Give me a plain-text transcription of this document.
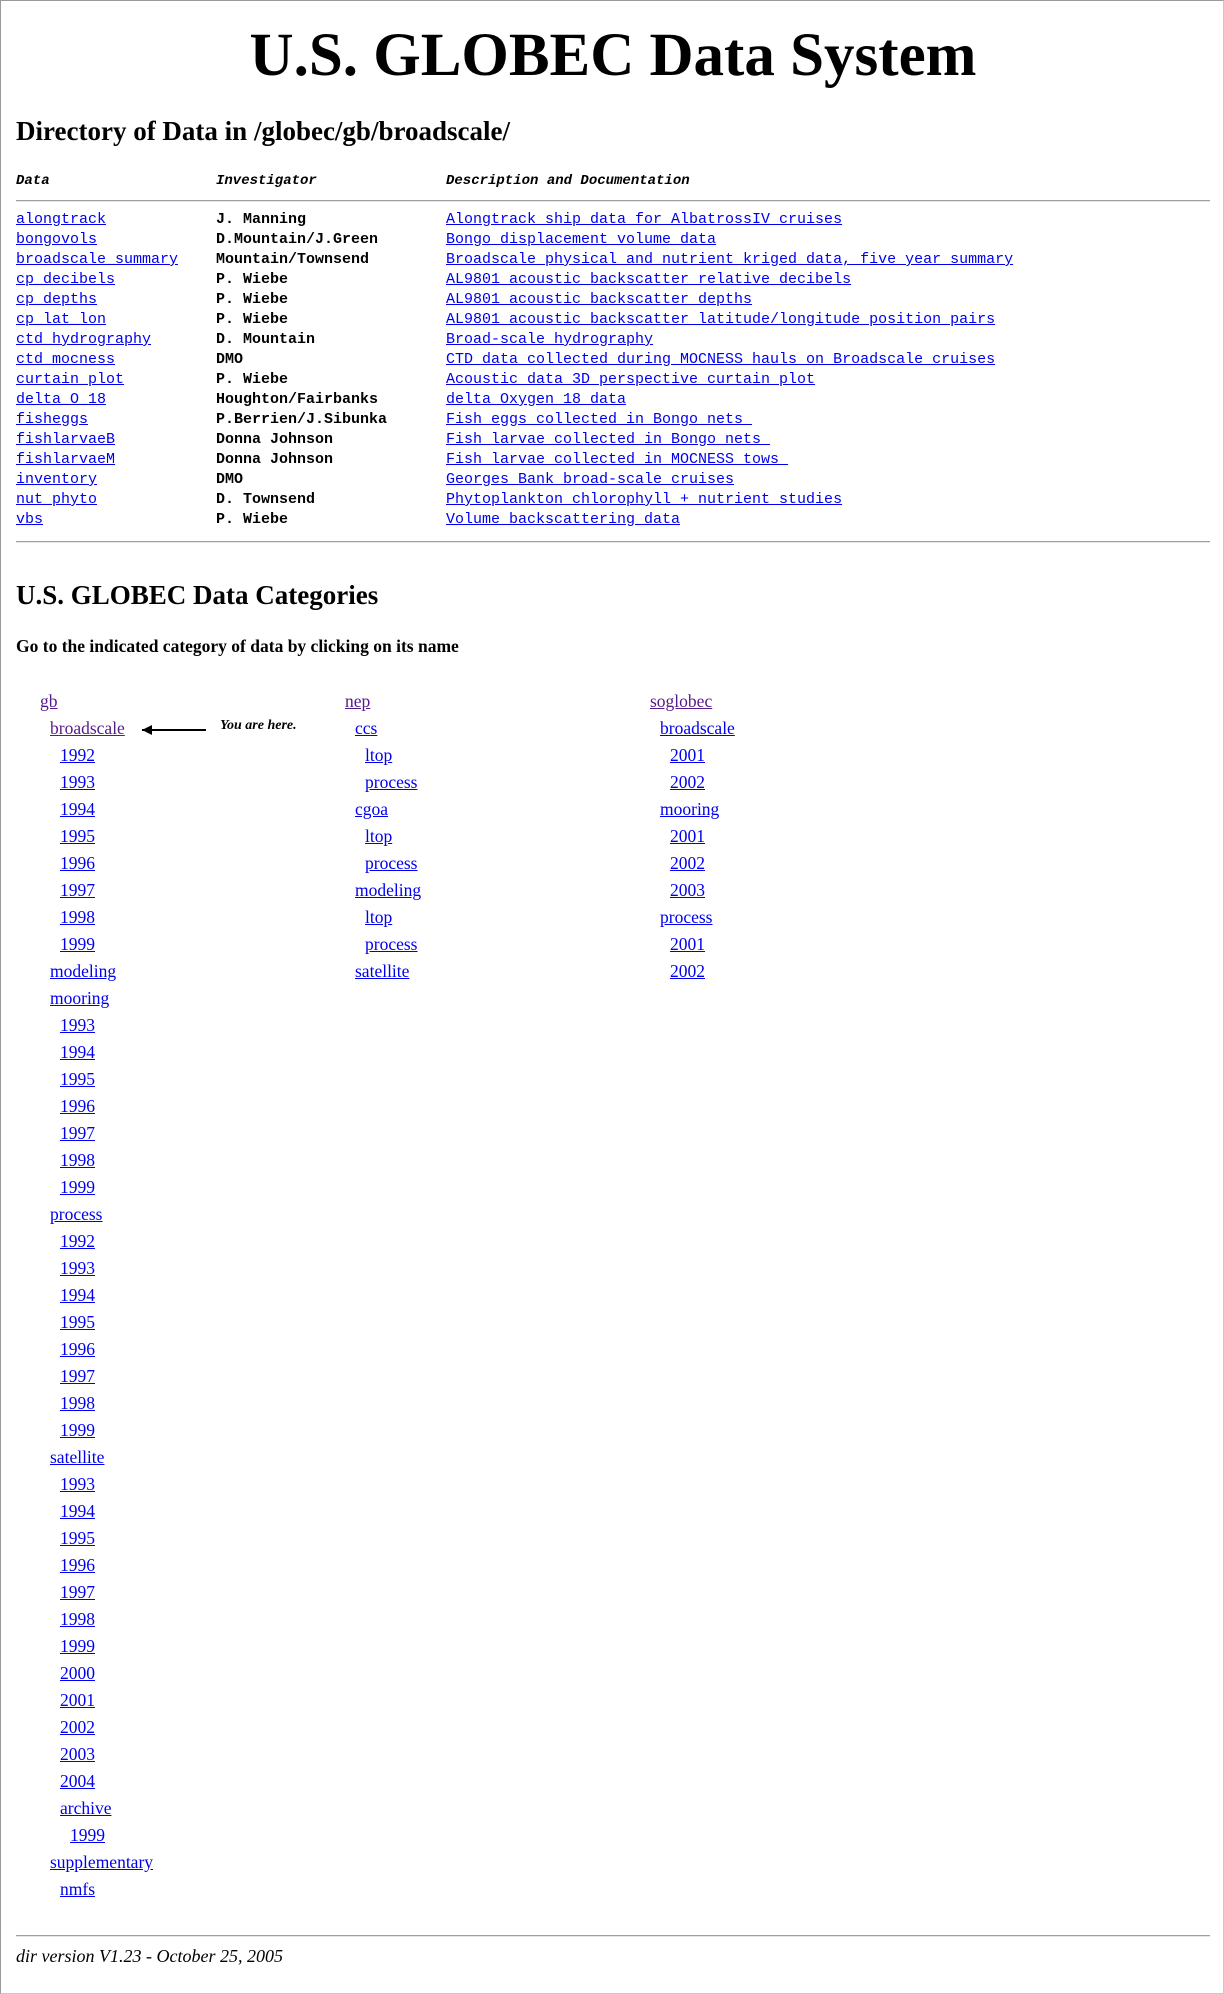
U.S. GLOBEC Data System
Directory of Data in /globec/gb/broadscale/
Data	Investigator	Description and Documentation
alongtrack	J. Manning	Alongtrack ship data for AlbatrossIV cruises
bongovols	D.Mountain/J.Green	Bongo displacement volume data
broadscale_summary	Mountain/Townsend	Broadscale physical and nutrient kriged data, five year summary
cp_decibels	P. Wiebe	AL9801 acoustic backscatter relative decibels
cp_depths	P. Wiebe	AL9801 acoustic backscatter depths
cp_lat_lon	P. Wiebe	AL9801 acoustic backscatter latitude/longitude position pairs
ctd_hydrography	D. Mountain	Broad-scale hydrography
ctd_mocness	DMO	CTD data collected during MOCNESS hauls on Broadscale cruises
curtain_plot	P. Wiebe	Acoustic data 3D perspective curtain plot
delta_O_18	Houghton/Fairbanks	delta Oxygen 18 data
fisheggs	P.Berrien/J.Sibunka	Fish eggs collected in Bongo nets
fishlarvaeB	Donna Johnson	Fish larvae collected in Bongo nets
fishlarvaeM	Donna Johnson	Fish larvae collected in MOCNESS tows
inventory	DMO	Georges Bank broad-scale cruises
nut_phyto	D. Townsend	Phytoplankton chlorophyll + nutrient studies
vbs	P. Wiebe	Volume backscattering data
U.S. GLOBEC Data Categories
Go to the indicated category of data by clicking on its name
gb
broadscale
1992
1993
1994
1995
1996
1997
1998
1999
modeling
mooring
1993
1994
1995
1996
1997
1998
1999
process
1992
1993
1994
1995
1996
1997
1998
1999
satellite
1993
1994
1995
1996
1997
1998
1999
2000
2001
2002
2003
2004
archive
1999
supplementary
nmfs
nep
ccs
ltop
process
cgoa
ltop
process
modeling
ltop
process
satellite
soglobec
broadscale
2001
2002
mooring
2001
2002
2003
process
2001
2002
You are here.
dir version V1.23 - October 25, 2005
